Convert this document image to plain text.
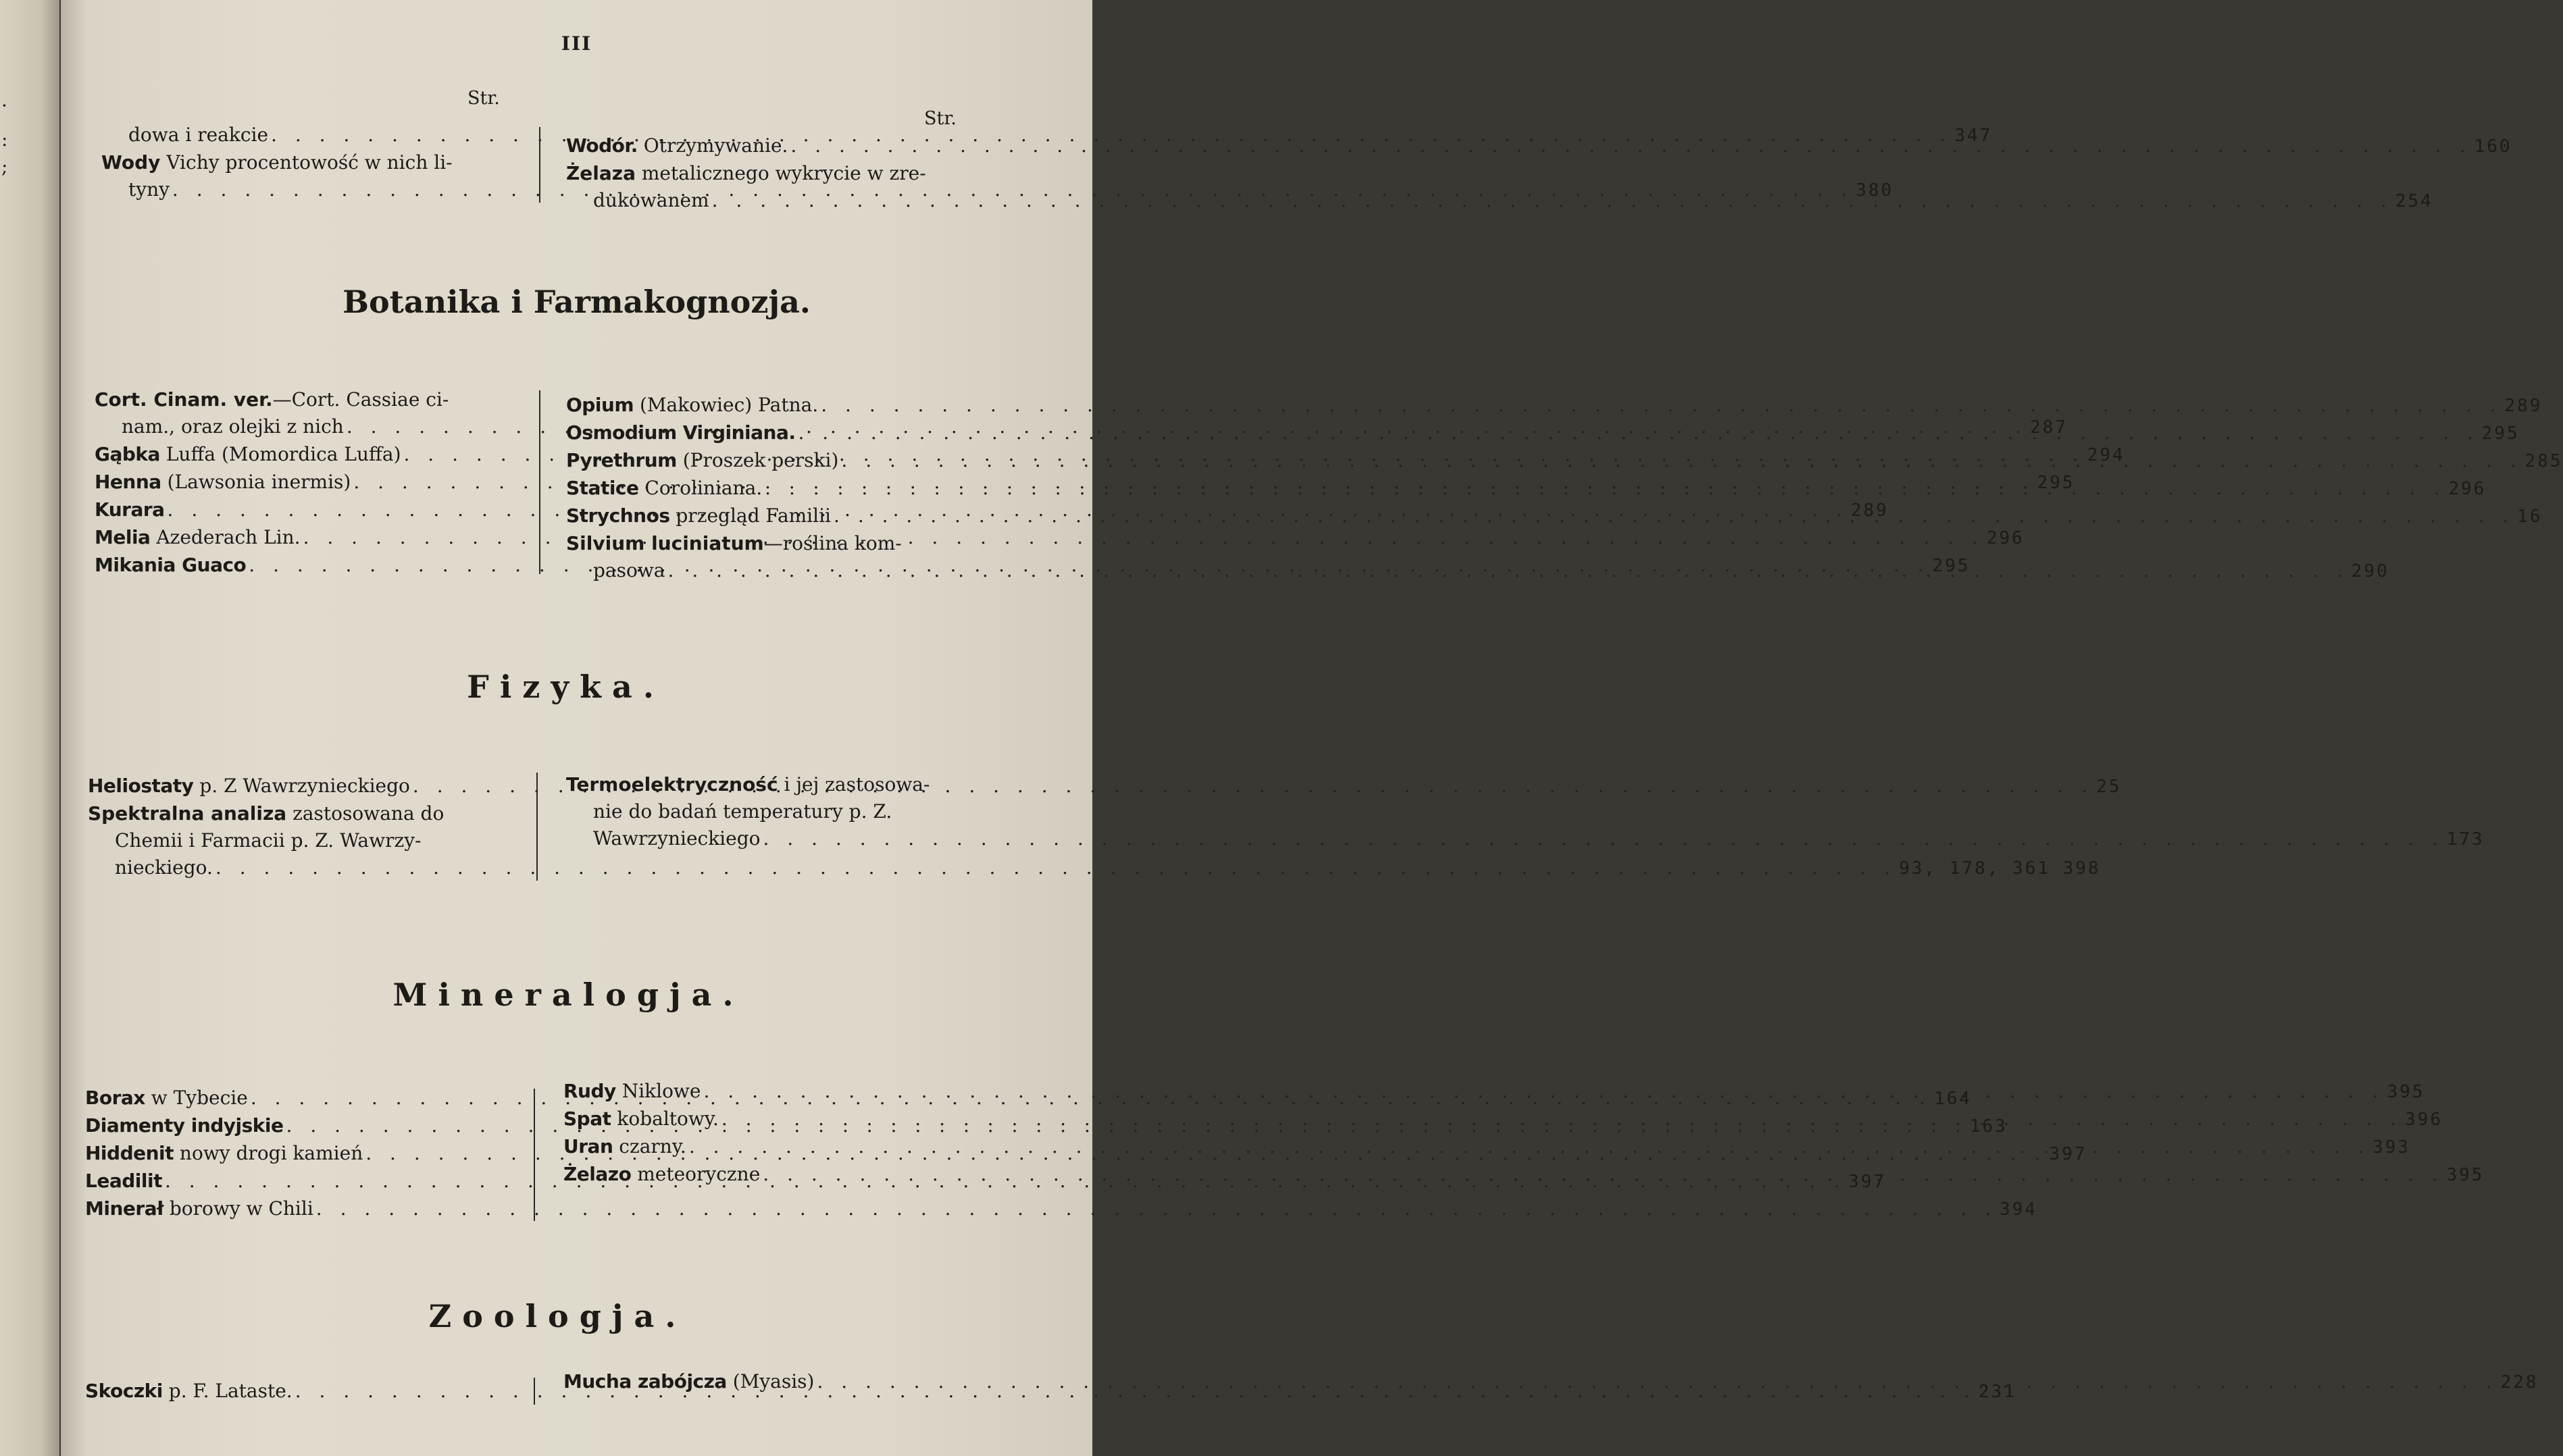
·
:
;
III
Str.
Str.
dowa i reakcie . . .	347
Wody Vichy procentowość w nich li-
tyny . . .	380
Wodór. Otrzymywanie. . . .	160
Żelaza metalicznego wykrycie w zre-
dukowanem . . .	254
Botanika i Farmakognozja.
Cort. Cinam. ver.—Cort. Cassiae ci-
nam., oraz olejki z nich . . .	287
Gąbka Luffa (Momordica Luffa) . . .	294
Henna (Lawsonia inermis) . . .	295
Kurara . . .	289
Melia Azederach Lin. . . .	296
Mikania Guaco . . .	295
Opium (Makowiec) Patna. . . .	289
Osmodium Virginiana. . . .	295
Pyrethrum (Proszek perski) . . .	285
Statice Coroliniana. . . .	296
Strychnos przegląd Familii . . .	16
Silvium luciniatum—roślina kom-
pasowa . . .	290
Fizyka.
Heliostaty p. Z Wawrzynieckiego . . .	25
Spektralna analiza zastosowana do
Chemii i Farmacii p. Z. Wawrzy-
nieckiego. . . .	93, 178, 361 398
Termoelektryczność i jej zastosowa-
nie do badań temperatury p. Z.
Wawrzynieckiego . . .	173
Mineralogja.
Borax w Tybecie . . .	164
Diamenty indyjskie . . .	163
Hiddenit nowy drogi kamień . . .	397
Leadilit . . .	397
Minerał borowy w Chili . . .	394
Rudy Niklowe . . .	395
Spat kobaltowy. . . .	396
Uran czarny. . . .	393
Żelazo meteoryczne . . .	395
Zoologja.
Skoczki p. F. Lataste. . . .	231
Mucha zabójcza (Myasis) . . .	228
